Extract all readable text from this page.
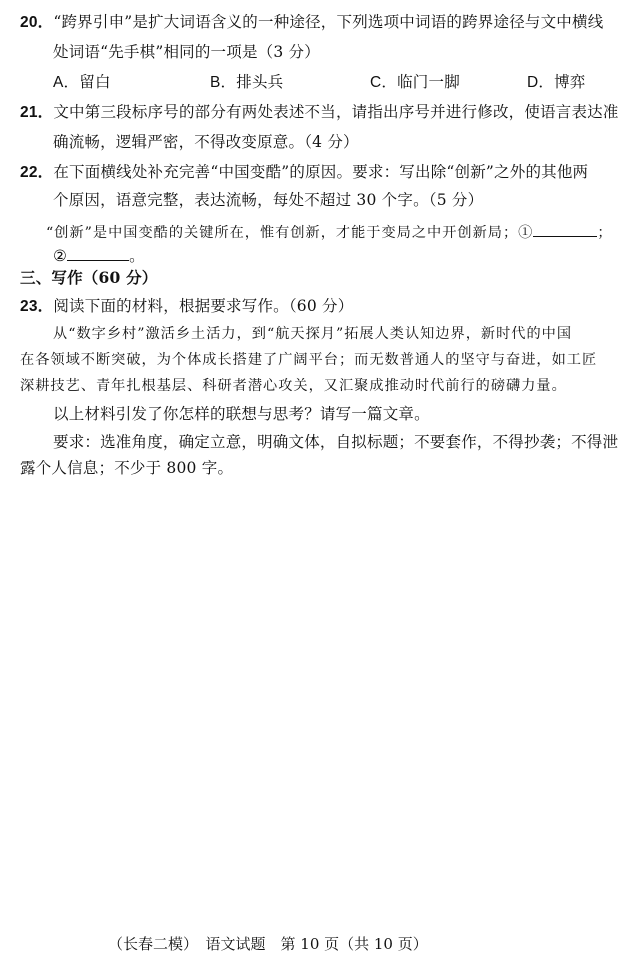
20．“跨界引申”是扩大词语含义的一种途径，下列选项中词语的跨界途径与文中横线
处词语“先手棋”相同的一项是（3 分）
A．留白	B．排头兵	C．临门一脚	D．博弈
21．文中第三段标序号的部分有两处表述不当，请指出序号并进行修改，使语言表达准
确流畅，逻辑严密，不得改变原意。（4 分）
22．在下面横线处补充完善“中国变酷”的原因。要求：写出除“创新”之外的其他两
个原因，语意完整，表达流畅，每处不超过 30 个字。（5 分）
“创新”是中国变酷的关键所在，惟有创新，才能于变局之中开创新局；①	；
②	。
三、写作（60 分）
23．阅读下面的材料，根据要求写作。（60 分）
从“数字乡村”激活乡土活力，到“航天探月”拓展人类认知边界，新时代的中国
在各领域不断突破，为个体成长搭建了广阔平台；而无数普通人的坚守与奋进，如工匠
深耕技艺、青年扎根基层、科研者潜心攻关，又汇聚成推动时代前行的磅礴力量。
以上材料引发了你怎样的联想与思考？请写一篇文章。
要求：选准角度，确定立意，明确文体，自拟标题；不要套作，不得抄袭；不得泄
露个人信息；不少于 800 字。
（长春二模）　语文试题　第 10 页（共 10 页）
